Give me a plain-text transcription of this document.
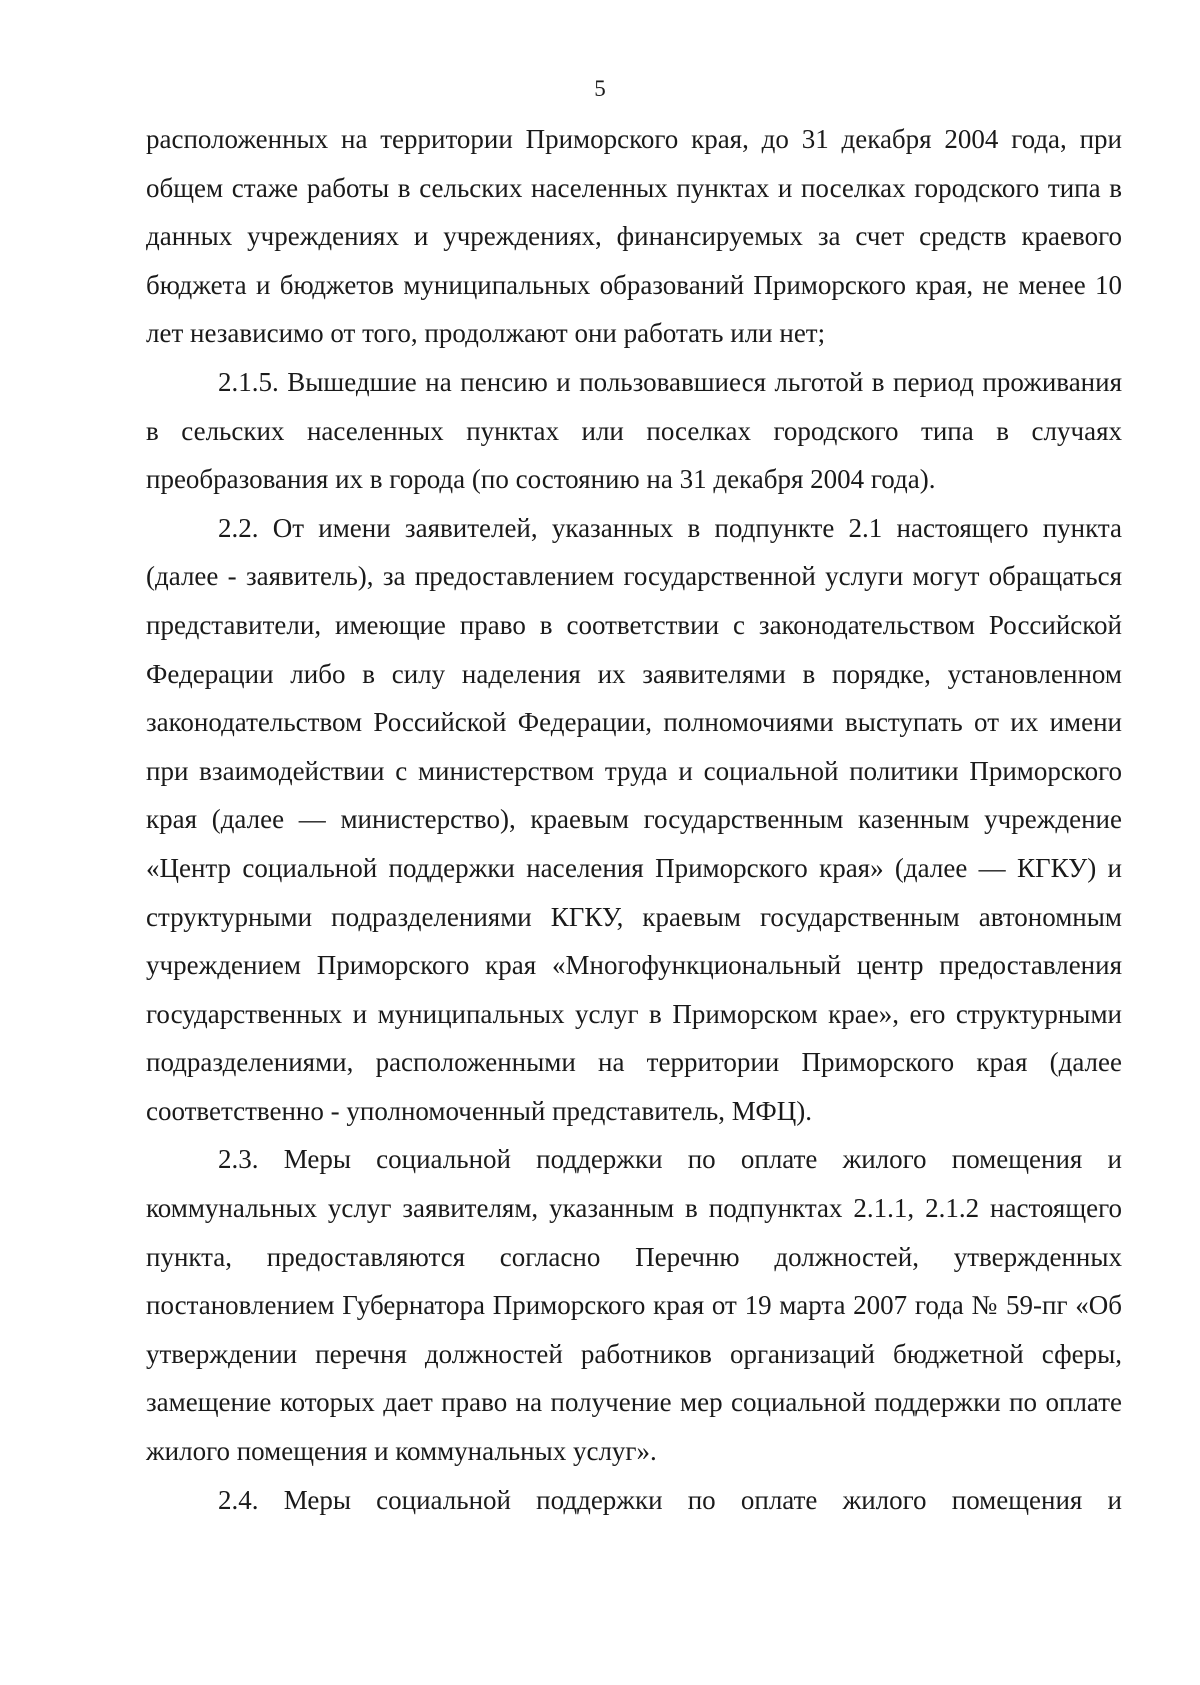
5

расположенных на территории Приморского края, до 31 декабря 2004 года, при общем стаже работы в сельских населенных пунктах и поселках городского типа в данных учреждениях и учреждениях, финансируемых за счет средств краевого бюджета и бюджетов муниципальных образований Приморского края, не менее 10 лет независимо от того, продолжают они работать или нет;

2.1.5. Вышедшие на пенсию и пользовавшиеся льготой в период проживания в сельских населенных пунктах или поселках городского типа в случаях преобразования их в города (по состоянию на 31 декабря 2004 года).

2.2. От имени заявителей, указанных в подпункте 2.1 настоящего пункта (далее - заявитель), за предоставлением государственной услуги могут обращаться представители, имеющие право в соответствии с законодательством Российской Федерации либо в силу наделения их заявителями в порядке, установленном законодательством Российской Федерации, полномочиями выступать от их имени при взаимодействии с министерством труда и социальной политики Приморского края (далее — министерство), краевым государственным казенным учреждение «Центр социальной поддержки населения Приморского края» (далее — КГКУ) и структурными подразделениями КГКУ, краевым государственным автономным учреждением Приморского края «Многофункциональный центр предоставления государственных и муниципальных услуг в Приморском крае», его структурными подразделениями, расположенными на территории Приморского края (далее соответственно - уполномоченный представитель, МФЦ).

2.3. Меры социальной поддержки по оплате жилого помещения и коммунальных услуг заявителям, указанным в подпунктах 2.1.1, 2.1.2 настоящего пункта, предоставляются согласно Перечню должностей, утвержденных постановлением Губернатора Приморского края от 19 марта 2007 года № 59-пг «Об утверждении перечня должностей работников организаций бюджетной сферы, замещение которых дает право на получение мер социальной поддержки по оплате жилого помещения и коммунальных услуг».

2.4. Меры социальной поддержки по оплате жилого помещения и
